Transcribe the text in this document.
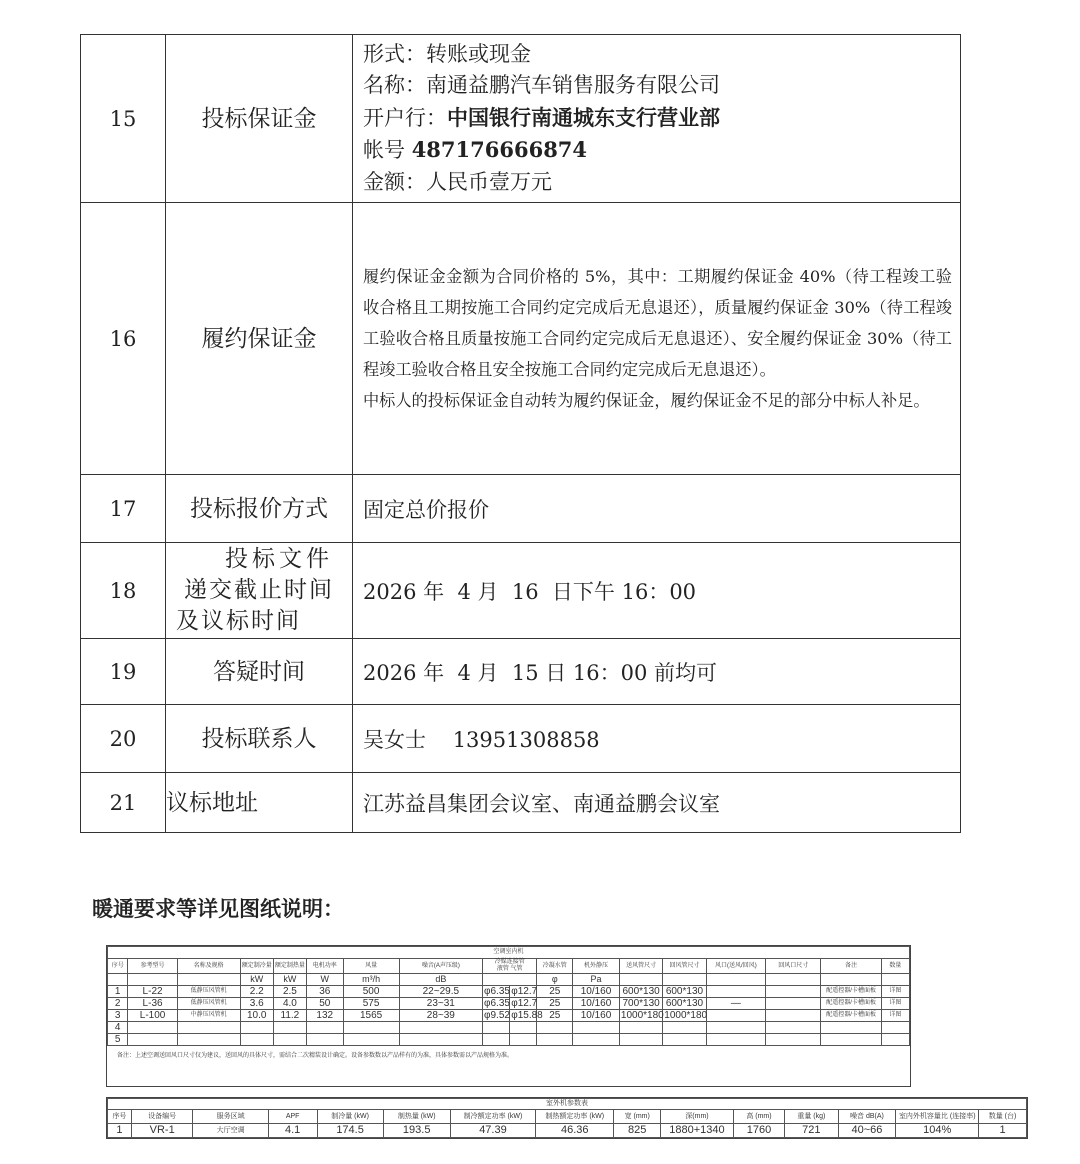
15	投标保证金	形式：转账或现金
名称：南通益鹏汽车销售服务有限公司
开户行：中国银行南通城东支行营业部
帐号 487176666874
金额：人民币壹万元

16	履约保证金	履约保证金金额为合同价格的 5%，其中：工期履约保证金 40%（待工程竣工验收合格且工期按施工合同约定完成后无息退还），质量履约保证金 30%（待工程竣工验收合格且质量按施工合同约定完成后无息退还）、安全履约保证金 30%（待工程竣工验收合格且安全按施工合同约定完成后无息退还）。

中标人的投标保证金自动转为履约保证金，履约保证金不足的部分中标人补足。

17	投标报价方式	固定总价报价
18	投标文件
递交截止时间
及议标时间	2026 年  4 月  16  日下午 16：00
19	答疑时间	2026 年  4 月  15 日 16：00 前均可
20	投标联系人	吴女士    13951308858
21	议标地址	江苏益昌集团会议室、南通益鹏会议室
暖通要求等详见图纸说明：
空调室内机																	
序号	参考型号	名称及规格	额定制冷量	额定制热量	电机功率	风量	噪音(A声压级)	冷媒连接管
液管 气管		冷凝水管	机外静压	送风管尺寸	回风管尺寸	风口(送风/回风)	回风口尺寸	备注	数量
			kW	kW	W	m³/h	dB			φ	Pa						
1	L-22	低静压风管机	2.2	2.5	36	500	22~29.5	φ6.35	φ12.7	25	10/160	600*130	600*130			配遥控器/卡槽面板	详图
2	L-36	低静压风管机	3.6	4.0	50	575	23~31	φ6.35	φ12.7	25	10/160	700*130	600*130	—		配遥控器/卡槽面板	详图
3	L-100	中静压风管机	10.0	11.2	132	1565	28~39	φ9.52	φ15.88	25	10/160	1000*180	1000*180			配遥控器/卡槽面板	详图
4																	
5																	
备注：上述空调送回风口尺寸仅为建议，送回风的具体尺寸，需结合二次精装设计确定。设备参数数以产品样有的为准，具体参数需以产品规格为准。
室外机参数表														
序号	设备编号	服务区域	APF	制冷量 (kW)	制热量 (kW)	制冷额定功率 (kW)	制热额定功率 (kW)	宽 (mm)	深(mm)	高 (mm)	重量 (kg)	噪音 dB(A)	室内外机容量比 (连接率)	数量 (台)
1	VR-1	大厅空调	4.1	174.5	193.5	47.39	46.36	825	1880+1340	1760	721	40~66	104%	1
